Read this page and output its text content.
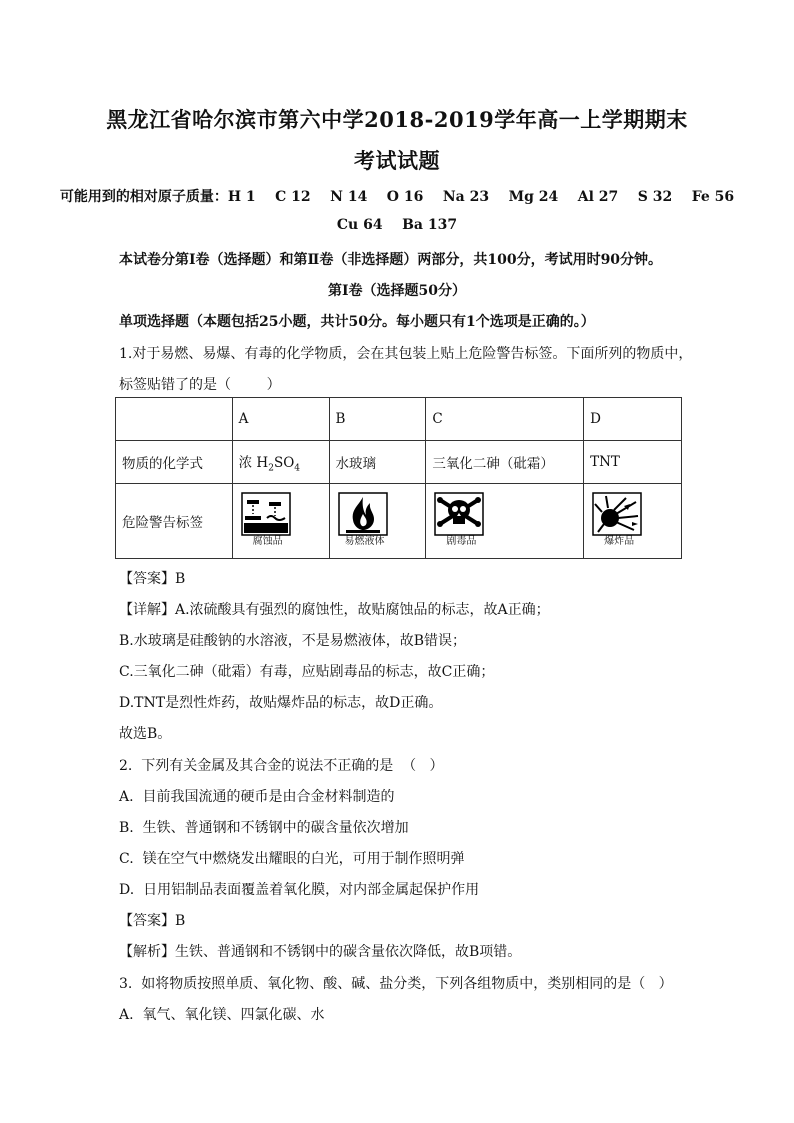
黑龙江省哈尔滨市第六中学2018-2019学年高一上学期期末
考试试题
可能用到的相对原子质量：H 1    C 12    N 14    O 16    Na 23    Mg 24    Al 27    S 32    Fe 56
Cu 64    Ba 137
本试卷分第Ⅰ卷（选择题）和第Ⅱ卷（非选择题）两部分，共100分，考试用时90分钟。
第Ⅰ卷（选择题50分）
单项选择题（本题包括25小题，共计50分。每小题只有1个选项是正确的。）
1.对于易燃、易爆、有毒的化学物质，会在其包装上贴上危险警告标签。下面所列的物质中，
标签贴错了的是（        ）
	A	B	C	D
物质的化学式	浓 $H_2SO_4$	水玻璃	三氧化二砷（砒霜）	TNT
危险警告标签	腐蚀品	易燃液体	剧毒品	爆炸品
【答案】B
【详解】A.浓硫酸具有强烈的腐蚀性，故贴腐蚀品的标志，故A正确；
B.水玻璃是硅酸钠的水溶液，不是易燃液体，故B错误；
C.三氧化二砷（砒霜）有毒，应贴剧毒品的标志，故C正确；
D.TNT是烈性炸药，故贴爆炸品的标志，故D正确。
故选B。
2.  下列有关金属及其合金的说法不正确的是  （   ）
A.  目前我国流通的硬币是由合金材料制造的
B.  生铁、普通钢和不锈钢中的碳含量依次增加
C.  镁在空气中燃烧发出耀眼的白光，可用于制作照明弹
D.  日用铝制品表面覆盖着氧化膜，对内部金属起保护作用
【答案】B
【解析】生铁、普通钢和不锈钢中的碳含量依次降低，故B项错。
3.  如将物质按照单质、氧化物、酸、碱、盐分类，下列各组物质中，类别相同的是（   ）
A.  氧气、氧化镁、四氯化碳、水
